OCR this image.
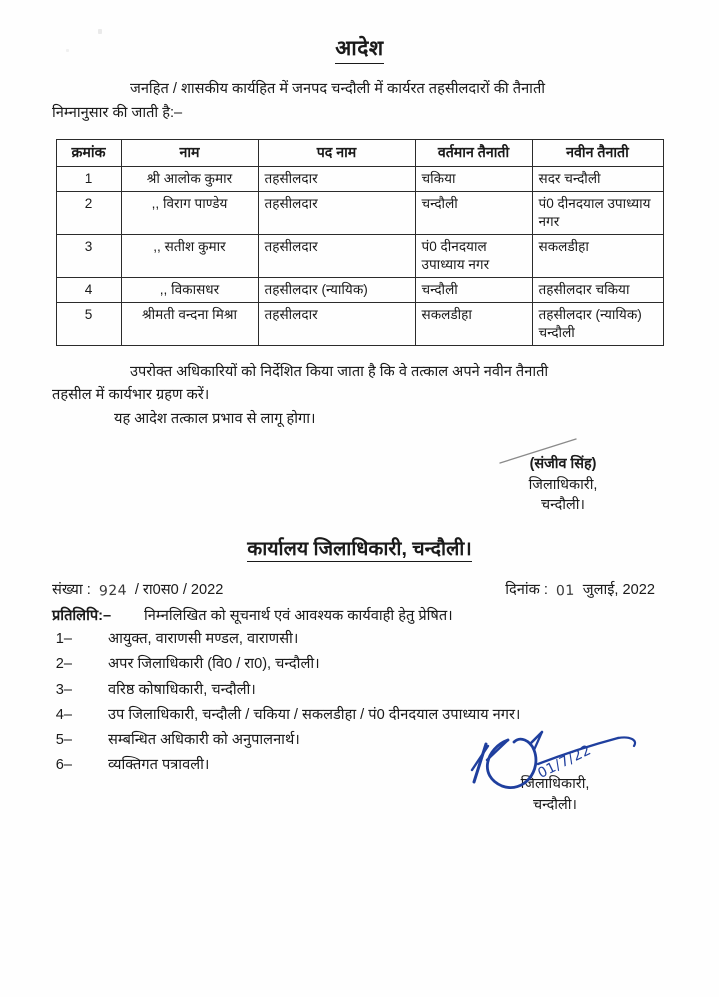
आदेश
जनहित / शासकीय कार्यहित में जनपद चन्दौली में कार्यरत तहसीलदारों की तैनाती
निम्नानुसार की जाती है:–
क्रमांक	नाम	पद नाम	वर्तमान तैनाती	नवीन तैनाती
1	श्री आलोक कुमार	तहसीलदार	चकिया	सदर चन्दौली
2	,, विराग पाण्डेय	तहसीलदार	चन्दौली	पं0 दीनदयाल उपाध्याय नगर
3	,, सतीश कुमार	तहसीलदार	पं0 दीनदयाल उपाध्याय नगर	सकलडीहा
4	,, विकासधर	तहसीलदार (न्यायिक)	चन्दौली	तहसीलदार चकिया
5	श्रीमती वन्दना मिश्रा	तहसीलदार	सकलडीहा	तहसीलदार (न्यायिक) चन्दौली
उपरोक्त अधिकारियों को निर्देशित किया जाता है कि वे तत्काल अपने नवीन तैनाती
तहसील में कार्यभार ग्रहण करें।
यह आदेश तत्काल प्रभाव से लागू होगा।
(संजीव सिंह)
जिलाधिकारी,
चन्दौली।
कार्यालय जिलाधिकारी, चन्दौली।
संख्या : 924 / रा0स0 / 2022	दिनांक : 01 जुलाई, 2022
प्रतिलिपि:–	निम्नलिखित को सूचनार्थ एवं आवश्यक कार्यवाही हेतु प्रेषित।
1–	आयुक्त, वाराणसी मण्डल, वाराणसी।
2–	अपर जिलाधिकारी (वि0 / रा0), चन्दौली।
3–	वरिष्ठ कोषाधिकारी, चन्दौली।
4–	उप जिलाधिकारी, चन्दौली / चकिया / सकलडीहा / पं0 दीनदयाल उपाध्याय नगर।
5–	सम्बन्धित अधिकारी को अनुपालनार्थ।
6–	व्यक्तिगत पत्रावली।	01/7/22
जिलाधिकारी,
चन्दौली।
